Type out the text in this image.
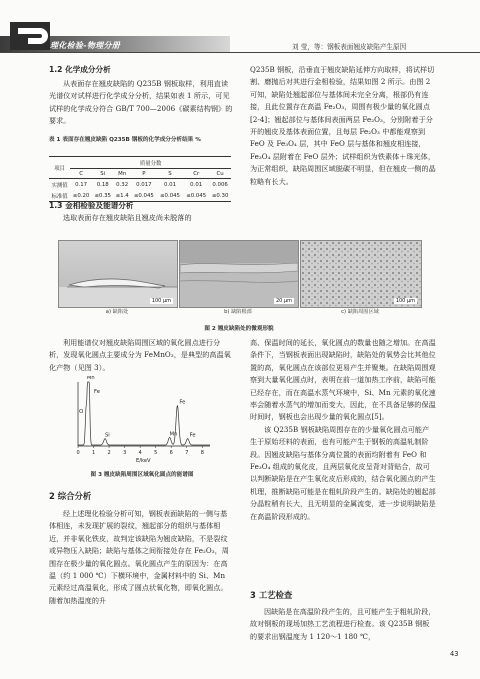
理化检验-物理分册	刘 莹，等：钢板表面翘皮缺陷产生原因
1.2 化学成分分析

从表面存在翘皮缺陷的 Q235B 钢板取样，利用直读光谱仪对试样进行化学成分分析，结果如表 1 所示，可见试样的化学成分符合 GB/T 700—2006《碳素结构钢》的要求。

表 1 表面存在翘皮缺陷 Q235B 钢板的化学成分分析结果 %
项目	质量分数						
	C	Si	Mn	P	S	Cr	Cu
实测值	0.17	0.18	0.32	0.017	0.01	0.01	0.006
标准值	≤0.20	≤0.35	≤1.4	≤0.045	≤0.045	≤0.045	≤0.30
1.3 金相检验及能谱分析

选取表面存在翘皮缺陷且翘皮尚未脱落的

Q235B 钢板，沿垂直于翘皮缺陷延伸方向取样，将试样切割、磨抛后对其进行金相检验，结果如图 2 所示。由图 2 可知，缺陷处翘起部位与基体间未完全分离，根部仍有连接，且此位置存在高温 Fe₂O₃，周围有极少量的氧化圆点[2-4]；翘起部位与基体间表面两层 Fe₂O₃，分别附着于分开的翘皮及基体表面位置，且每层 Fe₂O₃ 中都能观察到 FeO 及 Fe₃O₄ 层，其中 FeO 层与基体和翘皮相连接，Fe₃O₄ 层附着在 FeO 层外；试样组织为铁素体＋珠光体，为正常组织，缺陷周围区域脱碳不明显，但在翘皮一侧的晶粒略有长大。

100 μm	20 μm	100 μm
a) 缺陷处	b) 缺陷根部	c) 缺陷周围区域
图 2 翘皮缺陷处的微观形貌

利用能谱仪对翘皮缺陷周围区域的氧化圆点进行分析，发现氧化圆点主要成分为 FeMnO₃，是典型的高温氧化产物（见图 3）。

Mn
Fe
O
Si	Mn
Fe
Fe
0 1 2 3 4 5 6 7 8
E/keV
图 3 翘皮缺陷周围区域氧化圆点的能谱图
2 综合分析

经上述理化检验分析可知，钢板表面缺陷的一侧与基体相连，未发现扩展的裂纹，翘起部分的组织与基体相近，并非氧化铁皮，故判定该缺陷为翘皮缺陷，不是裂纹或异物压入缺陷；缺陷与基体之间衔接处存在 Fe₂O₃，周围存在极少量的氧化圆点。氧化圆点产生的原因为：在高温（约 1 000 ℃）下横环境中，金属材料中的 Si、Mn 元素经过高温氧化，形成了圆点状氧化物，即氧化圆点。随着加热温度的升

高、保温时间的延长，氧化圆点的数量也随之增加。在高温条件下，当钢板表面出现缺陷时，缺陷处的氧势会比其他位置的高，氧化圆点在该部位更易产生并聚集。在缺陷周围观察到大量氧化圆点时，表明在前一道加热工序前，缺陷可能已经存在，而在高温水蒸气环境中，Si、Mn 元素的氧化速率会随着水蒸气的增加而变大，因此，在不具备足够的保温时间时，钢板也会出现少量的氧化圆点[5]。

该 Q235B 钢板缺陷周围存在的少量氧化圆点可能产生于原始坯料的表面，也有可能产生于钢板的高温轧制阶段。因翘皮缺陷与基体分离位置的表面均附着有 FeO 和 Fe₃O₄ 组成的氧化皮，且两层氧化皮呈背对背贴合，故可以判断缺陷是在产生氧化皮后形成的，结合氧化圆点的产生机理，推断缺陷可能是在粗轧阶段产生的。缺陷处的翘起部分晶粒稍有长大，且无明显的金属流变，进一步说明缺陷是在高温阶段形成的。

3 工艺检查

因缺陷是在高温阶段产生的，且可能产生于粗轧阶段，故对钢板的现场加热工艺流程进行检查。该 Q235B 钢板的要求出钢温度为 1 120～1 180 ℃，

43
